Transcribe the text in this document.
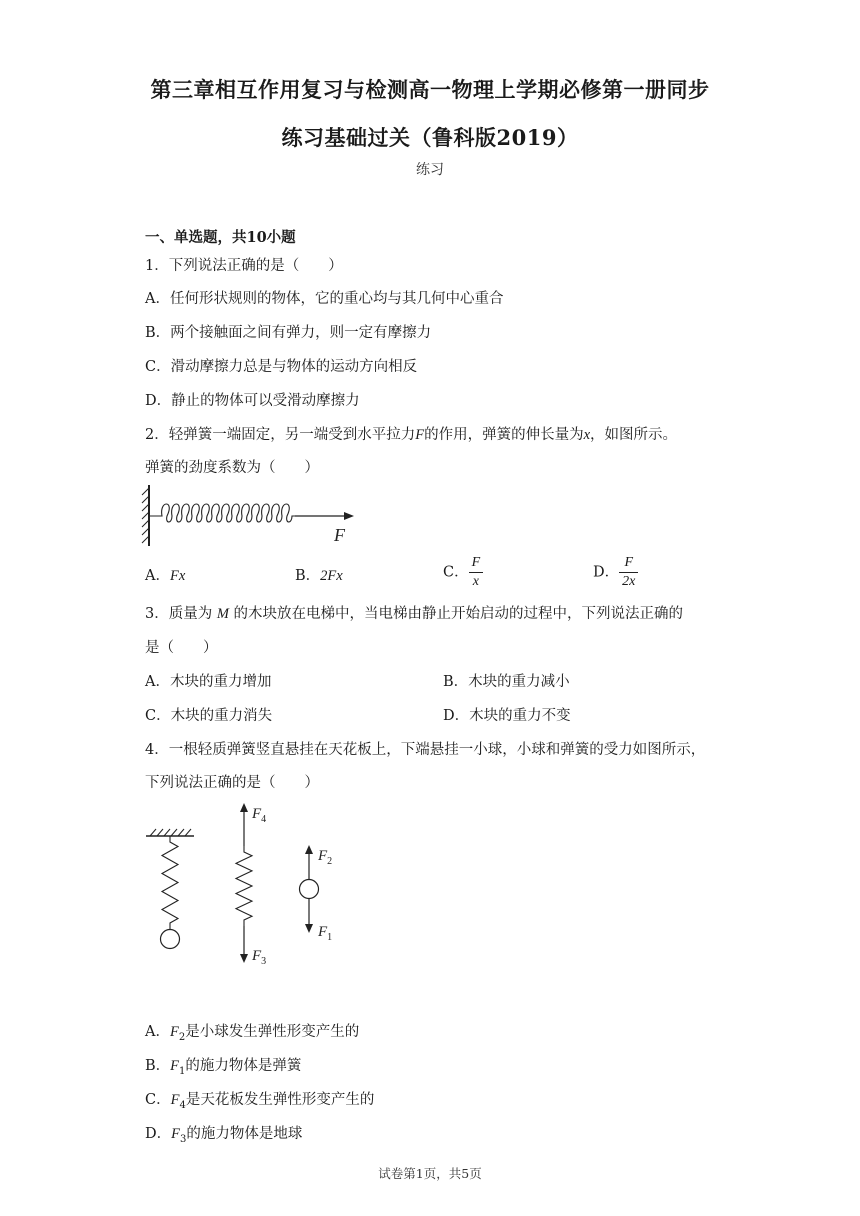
第三章相互作用复习与检测高一物理上学期必修第一册同步
练习基础过关（鲁科版2019）
练习
一、单选题，共10小题
1．下列说法正确的是（　　）
A．任何形状规则的物体，它的重心均与其几何中心重合
B．两个接触面之间有弹力，则一定有摩擦力
C．滑动摩擦力总是与物体的运动方向相反
D．静止的物体可以受滑动摩擦力
2．轻弹簧一端固定，另一端受到水平拉力F的作用，弹簧的伸长量为x，如图所示。
弹簧的劲度系数为（　　）
F
A．Fx	B．2Fx	C． $\frac{F}{x}$	D． $\frac{F}{2x}$
3．质量为 M 的木块放在电梯中，当电梯由静止开始启动的过程中，下列说法正确的
是（　　）
A．木块的重力增加	B．木块的重力减小
C．木块的重力消失	D．木块的重力不变
4．一根轻质弹簧竖直悬挂在天花板上，下端悬挂一小球，小球和弹簧的受力如图所示，
下列说法正确的是（　　）
$F_4$
$F_3$
$F_2$
$F_1$
A．$F_2$是小球发生弹性形变产生的
B．$F_1$的施力物体是弹簧
C．$F_4$是天花板发生弹性形变产生的
D．$F_3$的施力物体是地球
试卷第1页，共5页
